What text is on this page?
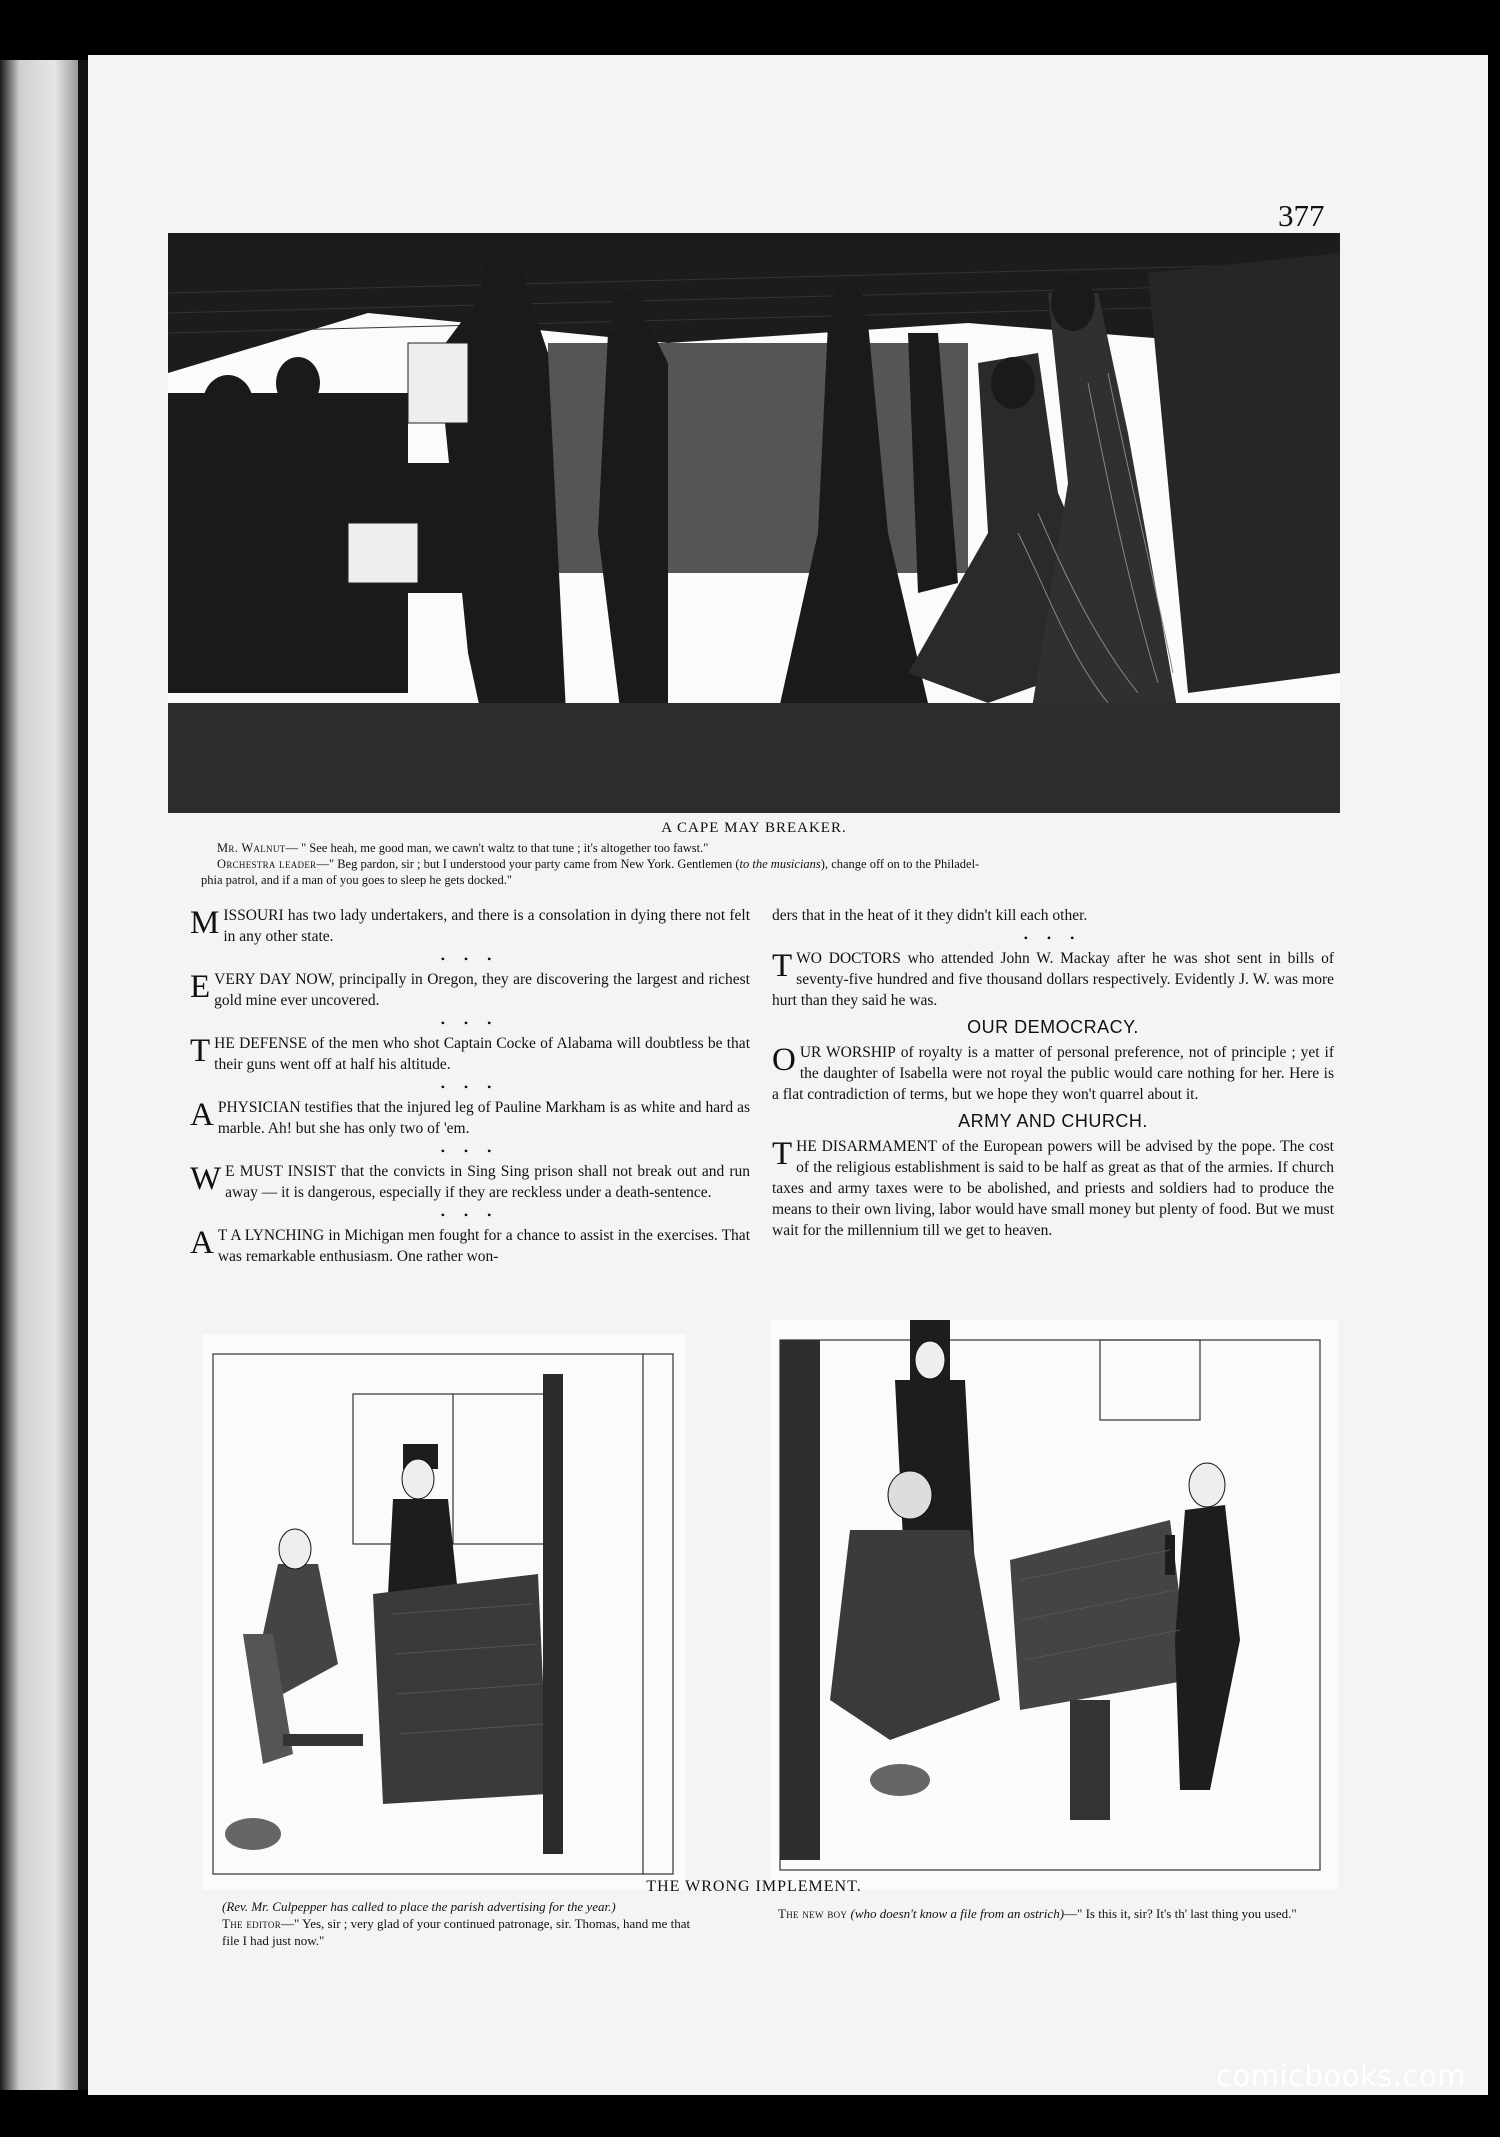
377
A CAPE MAY BREAKER.

Mr. Walnut— " See heah, me good man, we cawn't waltz to that tune ; it's altogether too fawst."

Orchestra leader—" Beg pardon, sir ; but I understood your party came from New York. Gentlemen (to the musicians), change off on to the Philadel-

phia patrol, and if a man of you goes to sleep he gets docked."

MISSOURI has two lady undertakers, and there is a consolation in dying there not felt in any other state.
• • •
EVERY DAY NOW, principally in Oregon, they are discovering the largest and richest gold mine ever uncovered.
• • •
THE DEFENSE of the men who shot Captain Cocke of Alabama will doubtless be that their guns went off at half his altitude.
• • •
A PHYSICIAN testifies that the injured leg of Pauline Markham is as white and hard as marble. Ah! but she has only two of 'em.
• • •
W E MUST INSIST that the convicts in Sing Sing prison shall not break out and run away — it is dangerous, especially if they are reckless under a death-sentence.
• • •
A T A LYNCHING in Michigan men fought for a chance to assist in the exercises. That was remarkable enthusiasm. One rather won-

ders that in the heat of it they didn't kill each other.

• • •
TWO DOCTORS who attended John W. Mackay after he was shot sent in bills of seventy-five hundred and five thousand dollars respectively. Evidently J. W. was more hurt than they said he was.
OUR DEMOCRACY.
OUR WORSHIP of royalty is a matter of personal preference, not of principle ; yet if the daughter of Isabella were not royal the public would care nothing for her. Here is a flat contradiction of terms, but we hope they won't quarrel about it.
ARMY AND CHURCH.
THE DISARMAMENT of the European powers will be advised by the pope. The cost of the religious establishment is said to be half as great as that of the armies. If church taxes and army taxes were to be abolished, and priests and soldiers had to produce the means to their own living, labor would have small money but plenty of food. But we must wait for the millennium till we get to heaven.
THE WRONG IMPLEMENT.

(Rev. Mr. Culpepper has called to place the parish advertising for the year.)

The editor—" Yes, sir ; very glad of your continued patronage, sir. Thomas, hand me that file I had just now."

The new boy (who doesn't know a file from an ostrich)—" Is this it, sir? It's th' last thing you used."

comicbooks.com
